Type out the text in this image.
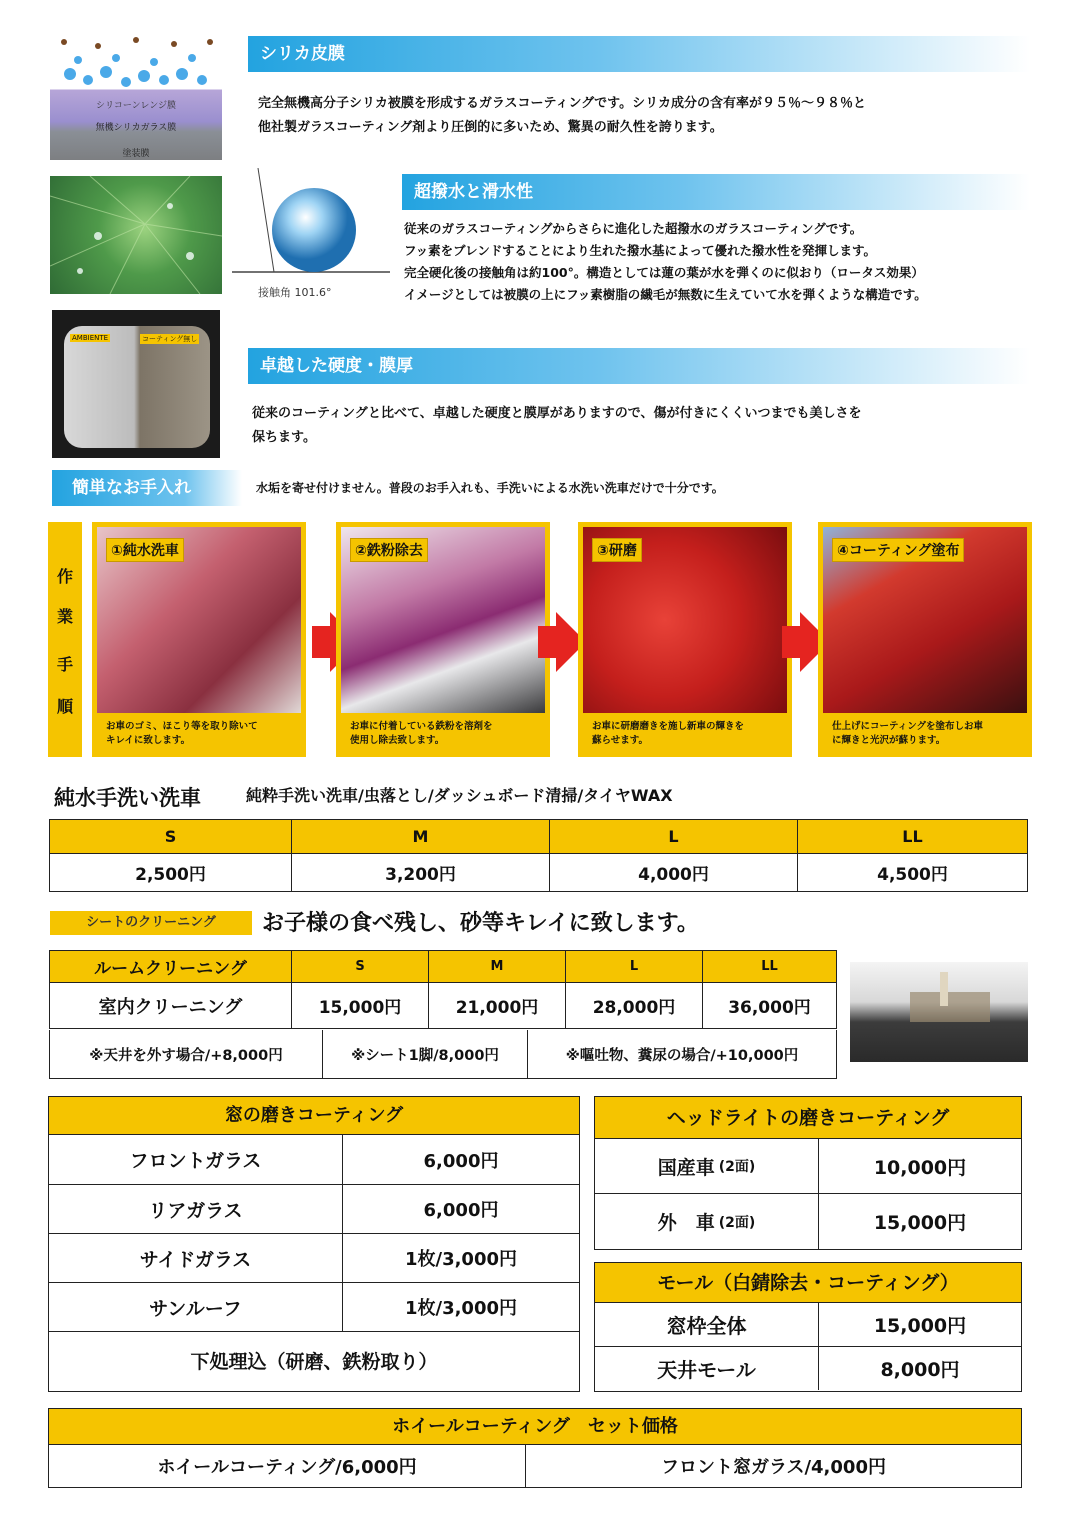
シリコーンレンジ膜
無機シリカガラス膜
塗装膜
シリカ皮膜
完全無機高分子シリカ被膜を形成するガラスコーティングです。シリカ成分の含有率が９５％～９８％と
他社製ガラスコーティング剤より圧倒的に多いため、驚異の耐久性を誇ります。
接触角 101.6°
超撥水と滑水性
従来のガラスコーティングからさらに進化した超撥水のガラスコーティングです。
フッ素をブレンドすることにより生れた撥水基によって優れた撥水性を発揮します。
完全硬化後の接触角は約100°。構造としては蓮の葉が水を弾くのに似おり（ロータス効果）
イメージとしては被膜の上にフッ素樹脂の繊毛が無数に生えていて水を弾くような構造です。
AMBIENTE	コーティング無し
卓越した硬度・膜厚
従来のコーティングと比べて、卓越した硬度と膜厚がありますので、傷が付きにくくいつまでも美しさを
保ちます。
簡単なお手入れ	水垢を寄せ付けません。普段のお手入れも、手洗いによる水洗い洗車だけで十分です。
作
業
手
順
①純水洗車
お車のゴミ、ほこり等を取り除いて
キレイに致します。
②鉄粉除去
お車に付着している鉄粉を溶剤を
使用し除去致します。
③研磨
お車に研磨磨きを施し新車の輝きを
蘇らせます。
④コーティング塗布
仕上げにコーティングを塗布しお車
に輝きと光沢が蘇ります。
純水手洗い洗車	純粋手洗い洗車/虫落とし/ダッシュボード清掃/タイヤWAX
S	M	L	LL
2,500円	3,200円	4,000円	4,500円
シートのクリーニング	お子様の食べ残し、砂等キレイに致します。
ルームクリーニング	S	M	L	LL
室内クリーニング	15,000円	21,000円	28,000円	36,000円
※天井を外す場合/+8,000円	※シート1脚/8,000円	※嘔吐物、糞尿の場合/+10,000円
窓の磨きコーティング
フロントガラス	6,000円
リアガラス	6,000円
サイドガラス	1枚/3,000円
サンルーフ	1枚/3,000円
下処理込（研磨、鉄粉取り）
ヘッドライトの磨きコーティング
国産車 (2面)	10,000円
外　車 (2面)	15,000円
モール（白錆除去・コーティング）
窓枠全体	15,000円
天井モール	8,000円
ホイールコーティング　セット価格
ホイールコーティング/6,000円	フロント窓ガラス/4,000円
